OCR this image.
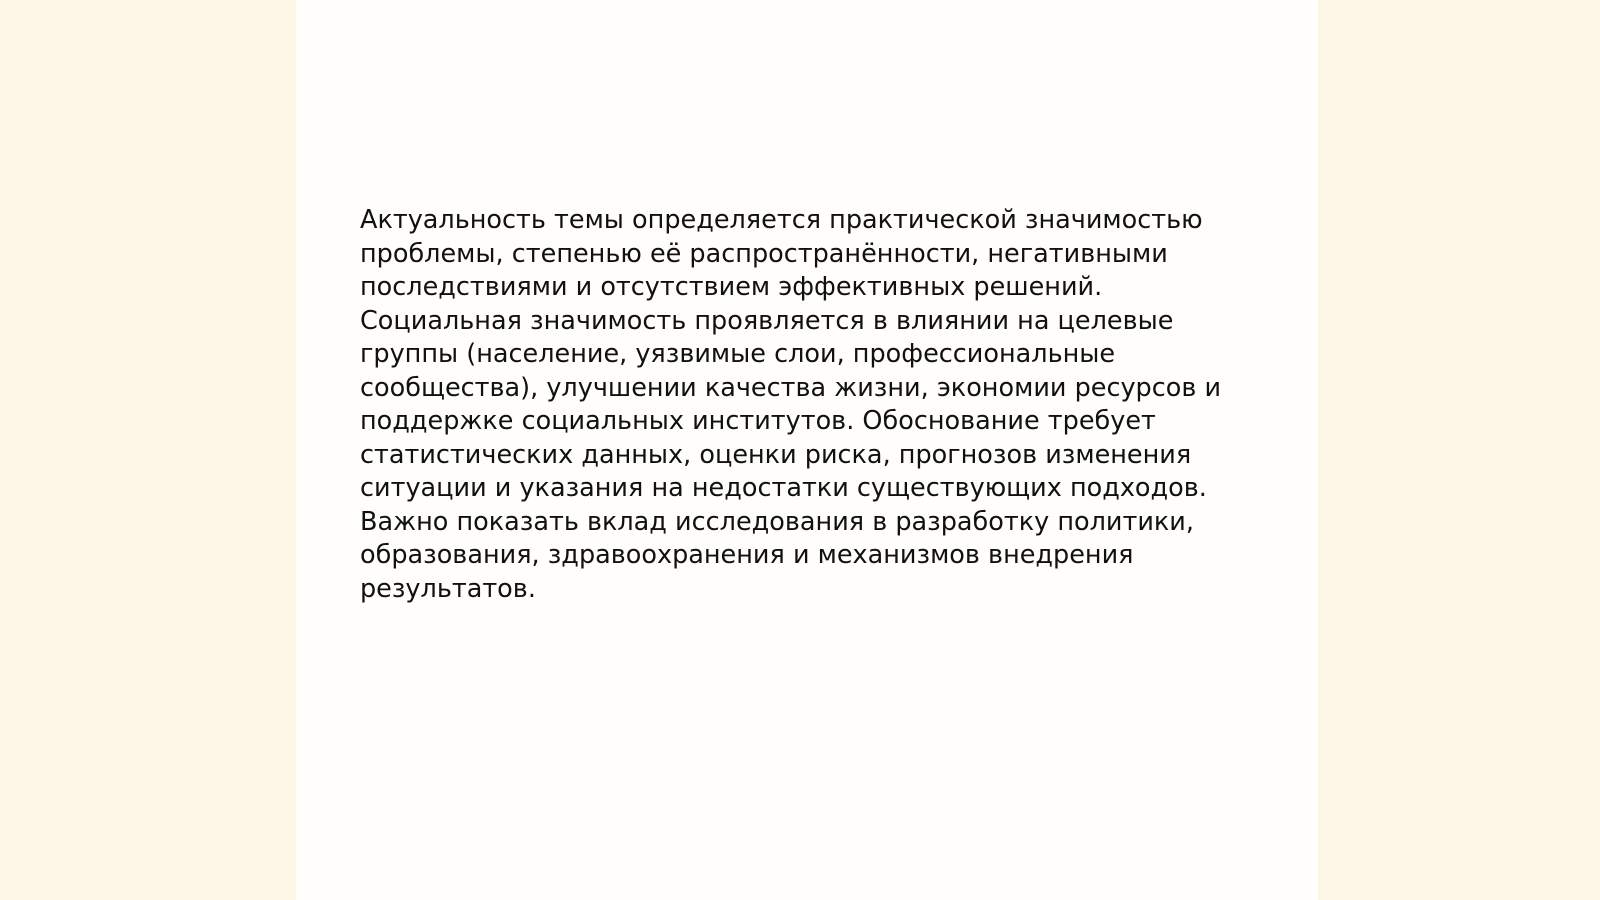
Актуальность темы определяется практической значимостью
проблемы, степенью её распространённости, негативными
последствиями и отсутствием эффективных решений.
Социальная значимость проявляется в влиянии на целевые
группы (население, уязвимые слои, профессиональные
сообщества), улучшении качества жизни, экономии ресурсов и
поддержке социальных институтов. Обоснование требует
статистических данных, оценки риска, прогнозов изменения
ситуации и указания на недостатки существующих подходов.
Важно показать вклад исследования в разработку политики,
образования, здравоохранения и механизмов внедрения
результатов.
